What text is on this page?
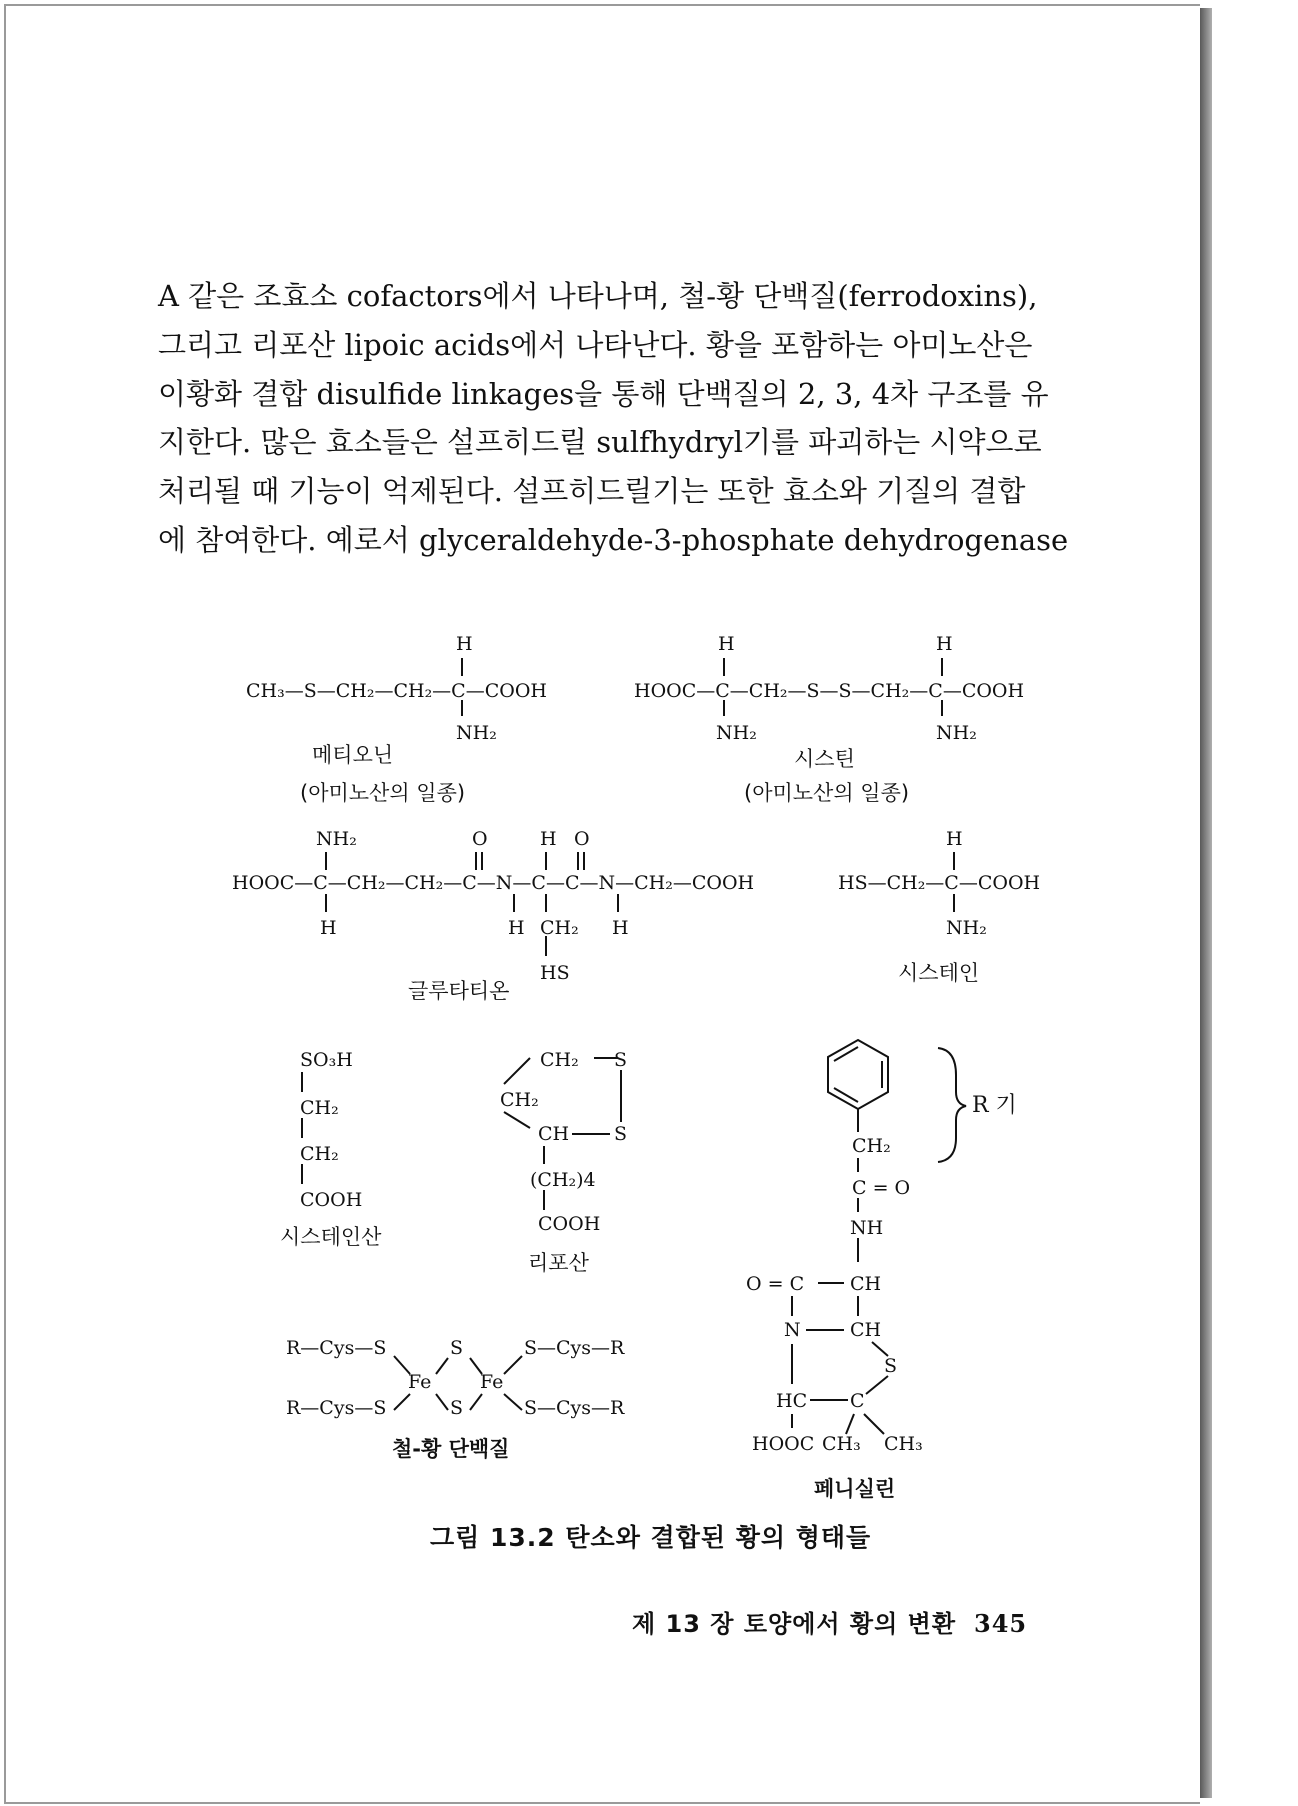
A 같은 조효소 cofactors에서 나타나며, 철-황 단백질(ferrodoxins),
그리고 리포산 lipoic acids에서 나타난다. 황을 포함하는 아미노산은
이황화 결합 disulfide linkages을 통해 단백질의 2, 3, 4차 구조를 유
지한다. 많은 효소들은 설프히드릴 sulfhydryl기를 파괴하는 시약으로
처리될 때 기능이 억제된다. 설프히드릴기는 또한 효소와 기질의 결합
에 참여한다. 예로서 glyceraldehyde-3-phosphate dehydrogenase
H
CH₃—S—CH₂—CH₂—C—COOH
NH₂
메티오닌
(아미노산의 일종)
H	H
HOOC—C—CH₂—S—S—CH₂—C—COOH
NH₂	NH₂
시스틴
(아미노산의 일종)
NH₂	O	H O
HOOC—C—CH₂—CH₂—C—N—C—C—N—CH₂—COOH
H	H CH₂ H
HS
글루타티온
H
HS—CH₂—C—COOH
NH₂
시스테인
SO₃H
CH₂
CH₂
COOH
시스테인산
CH₂ S
CH₂
CH S
(CH₂)4
COOH
리포산
R—Cys—S	S	S—Cys—R
Fe	Fe
R—Cys—S	S	S—Cys—R
철-황 단백질
R 기
CH₂
C = O
NH
O = C CH
N	CH
S
HC C
HOOC CH₃ CH₃
페니실린
그림 13.2 탄소와 결합된 황의 형태들
제 13 장 토양에서 황의 변환 345
